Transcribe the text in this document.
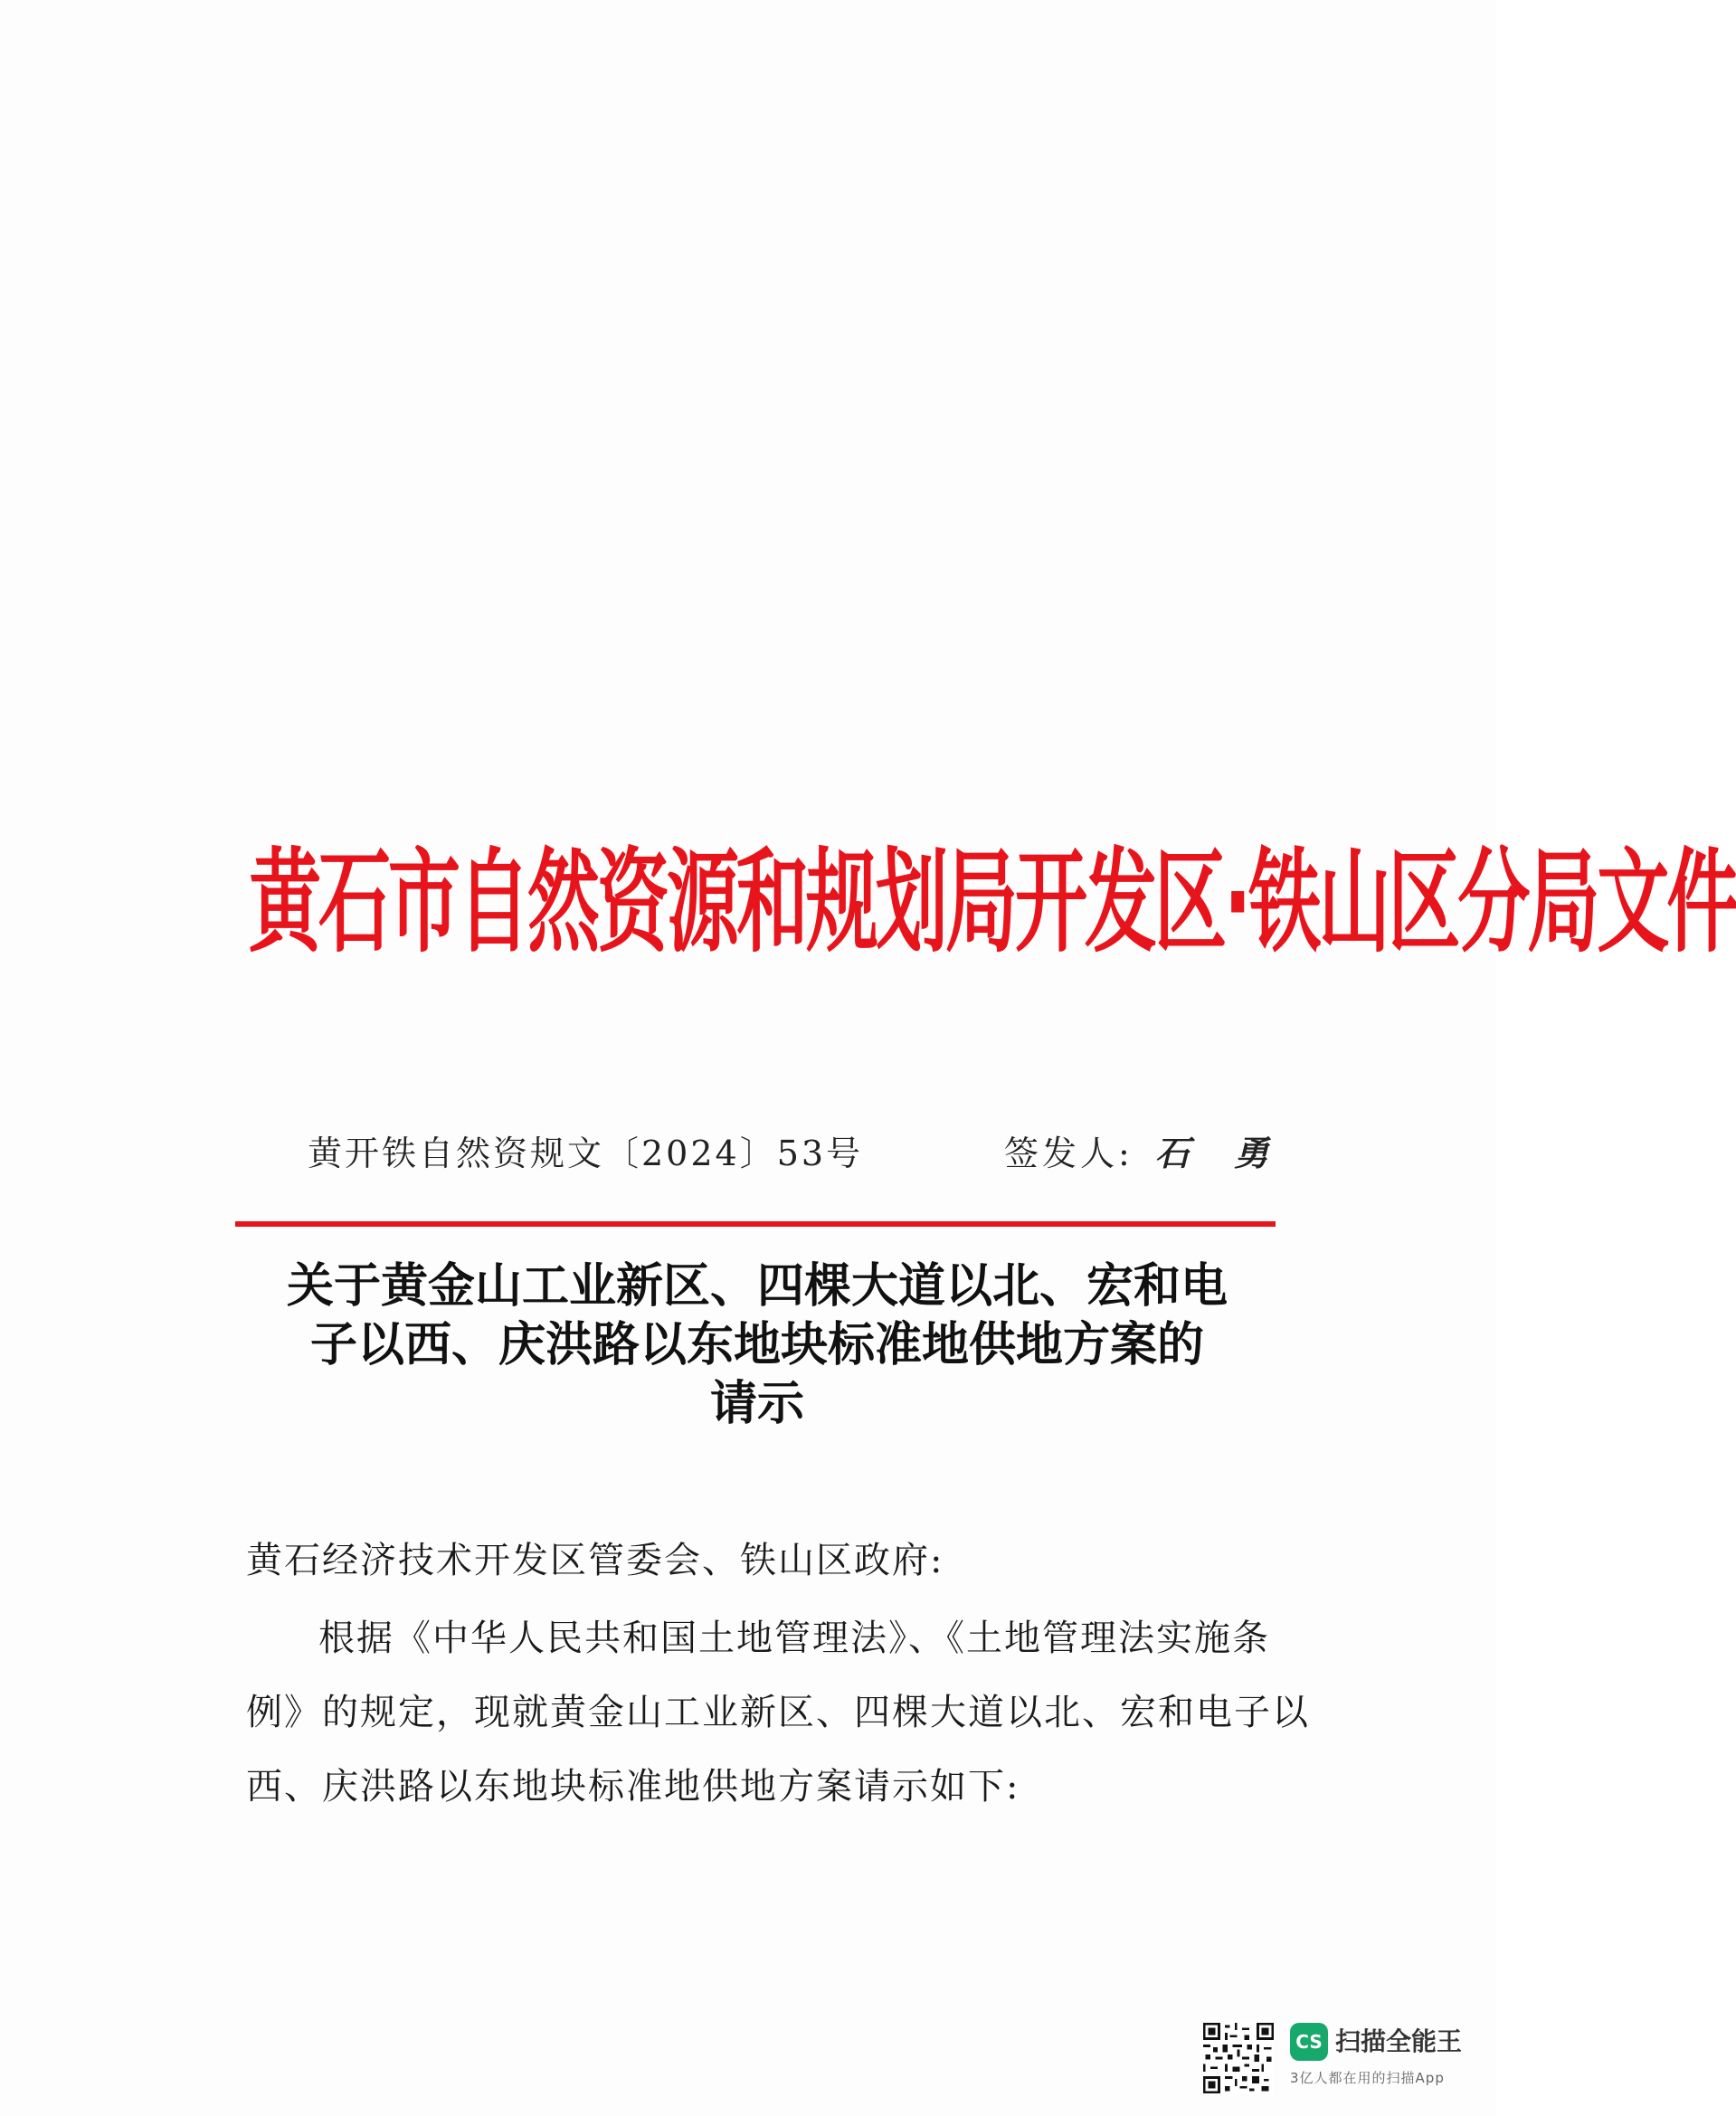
黄石市自然资源和规划局开发区·铁山区分局文件
黄开铁自然资规文〔2024〕53号	签发人: 石 勇
关于黄金山工业新区、四棵大道以北、宏和电
子以西、庆洪路以东地块标准地供地方案的
请示
黄石经济技术开发区管委会、铁山区政府:
根据《中华人民共和国土地管理法》、《土地管理法实施条
例》的规定，现就黄金山工业新区、四棵大道以北、宏和电子以
西、庆洪路以东地块标准地供地方案请示如下:
CS 扫描全能王
3亿人都在用的扫描App
